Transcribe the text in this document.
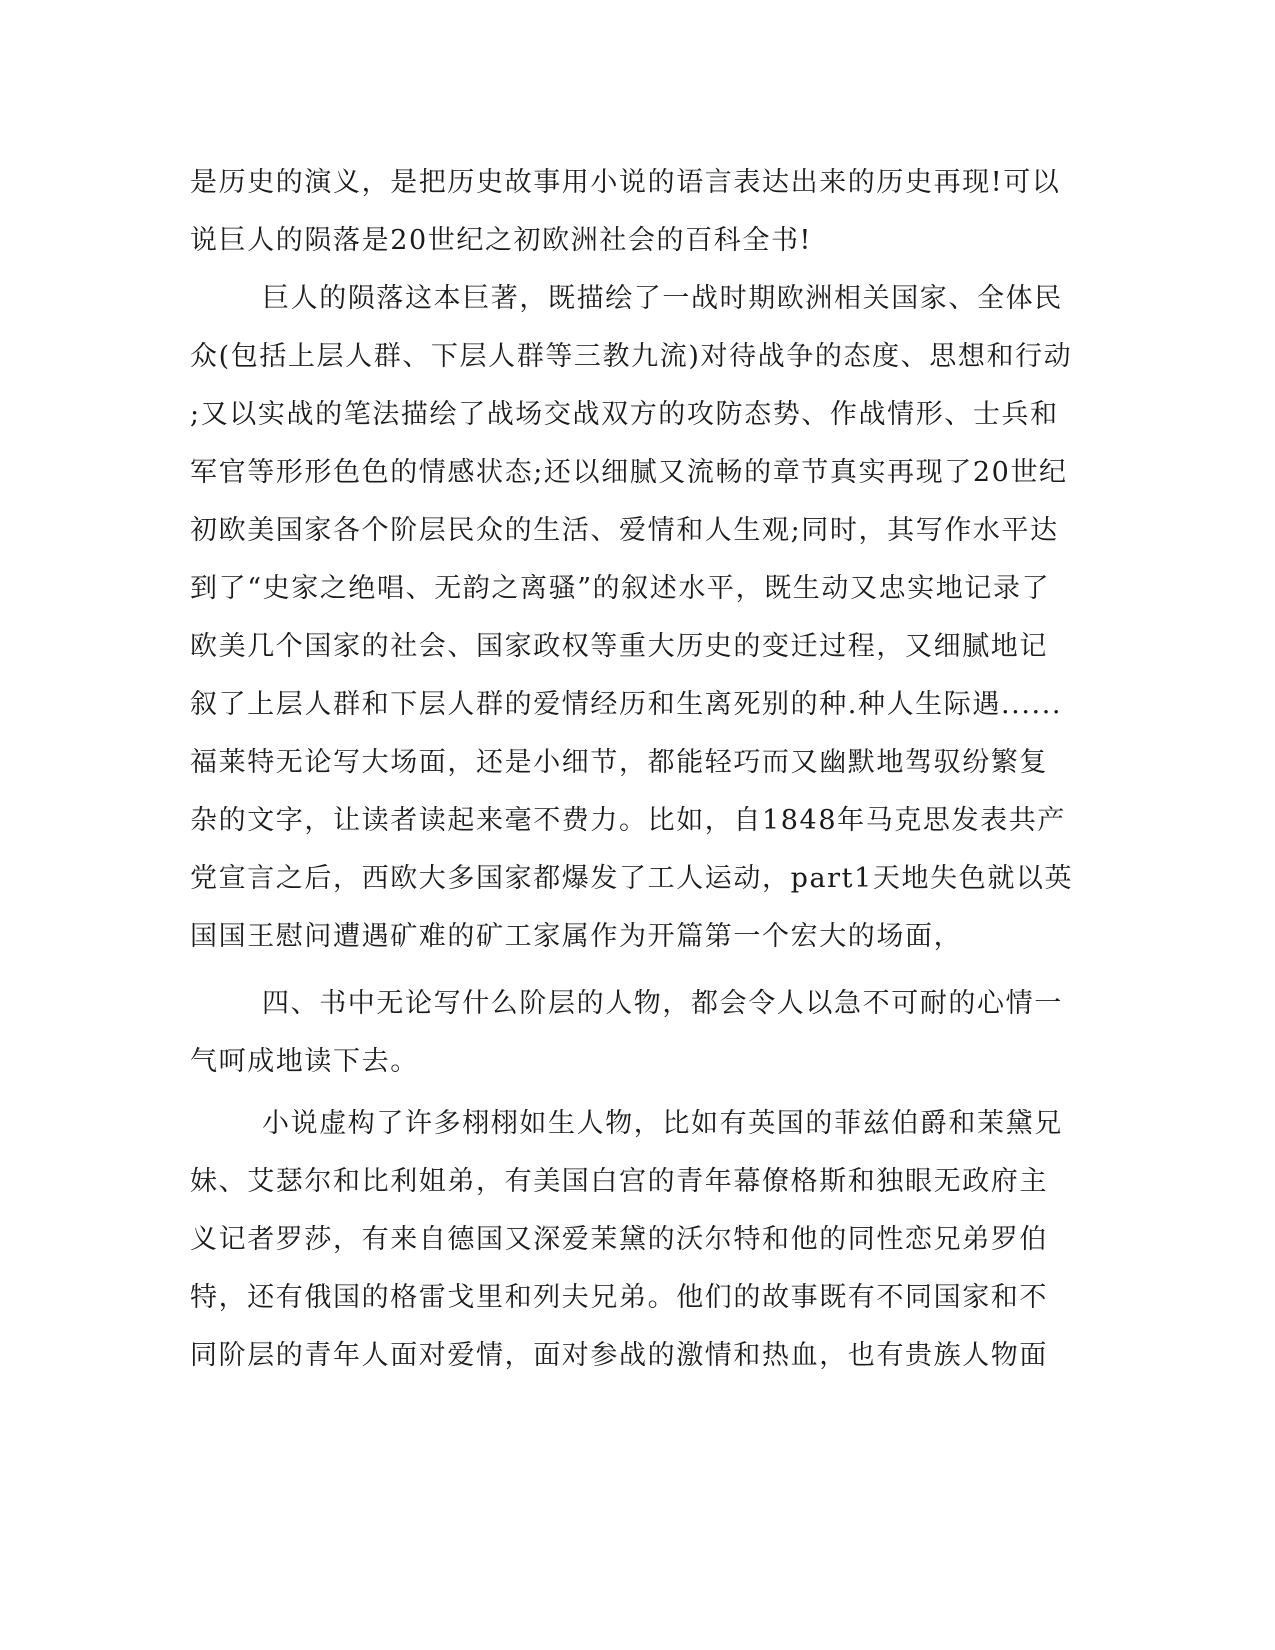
是历史的演义，是把历史故事用小说的语言表达出来的历史再现!可以
说巨人的陨落是20世纪之初欧洲社会的百科全书!
巨人的陨落这本巨著，既描绘了一战时期欧洲相关国家、全体民
众(包括上层人群、下层人群等三教九流)对待战争的态度、思想和行动
;又以实战的笔法描绘了战场交战双方的攻防态势、作战情形、士兵和
军官等形形色色的情感状态;还以细腻又流畅的章节真实再现了20世纪
初欧美国家各个阶层民众的生活、爱情和人生观;同时，其写作水平达
到了“史家之绝唱、无韵之离骚”的叙述水平，既生动又忠实地记录了
欧美几个国家的社会、国家政权等重大历史的变迁过程，又细腻地记
叙了上层人群和下层人群的爱情经历和生离死别的种.种人生际遇......
福莱特无论写大场面，还是小细节，都能轻巧而又幽默地驾驭纷繁复
杂的文字，让读者读起来毫不费力。比如，自1848年马克思发表共产
党宣言之后，西欧大多国家都爆发了工人运动，part1天地失色就以英
国国王慰问遭遇矿难的矿工家属作为开篇第一个宏大的场面，
四、书中无论写什么阶层的人物，都会令人以急不可耐的心情一
气呵成地读下去。
小说虚构了许多栩栩如生人物，比如有英国的菲兹伯爵和茉黛兄
妹、艾瑟尔和比利姐弟，有美国白宫的青年幕僚格斯和独眼无政府主
义记者罗莎，有来自德国又深爱茉黛的沃尔特和他的同性恋兄弟罗伯
特，还有俄国的格雷戈里和列夫兄弟。他们的故事既有不同国家和不
同阶层的青年人面对爱情，面对参战的激情和热血，也有贵族人物面
